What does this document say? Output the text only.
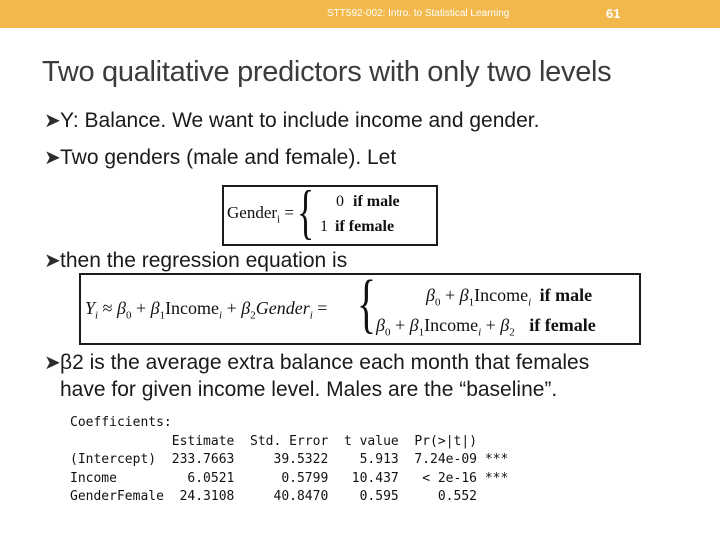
STT592-002: Intro. to Statistical Learning	61
Two qualitative predictors with only two levels
➤Y: Balance. We want to include income and gender.
➤Two genders (male and female). Let
Gender$_i$ = { 0 if male
1 if female
➤then the regression equation is
$Y_i \approx \beta_0$ + $\beta_1Income_i$ + $\beta_2Gender_i$ = {	$\beta_0$ + $\beta_1Income_i$ if male
$\beta_0$ + $\beta_1Income_i + \beta_2$ if female
➤β2 is the average extra balance each month that females
have for given income level. Males are the “baseline”.
Coefficients:
Estimate  Std. Error  t value  Pr(>|t|)
(Intercept)  233.7663     39.5322    5.913  7.24e-09 ***
Income         6.0521      0.5799   10.437   < 2e-16 ***
GenderFemale  24.3108     40.8470    0.595     0.552
